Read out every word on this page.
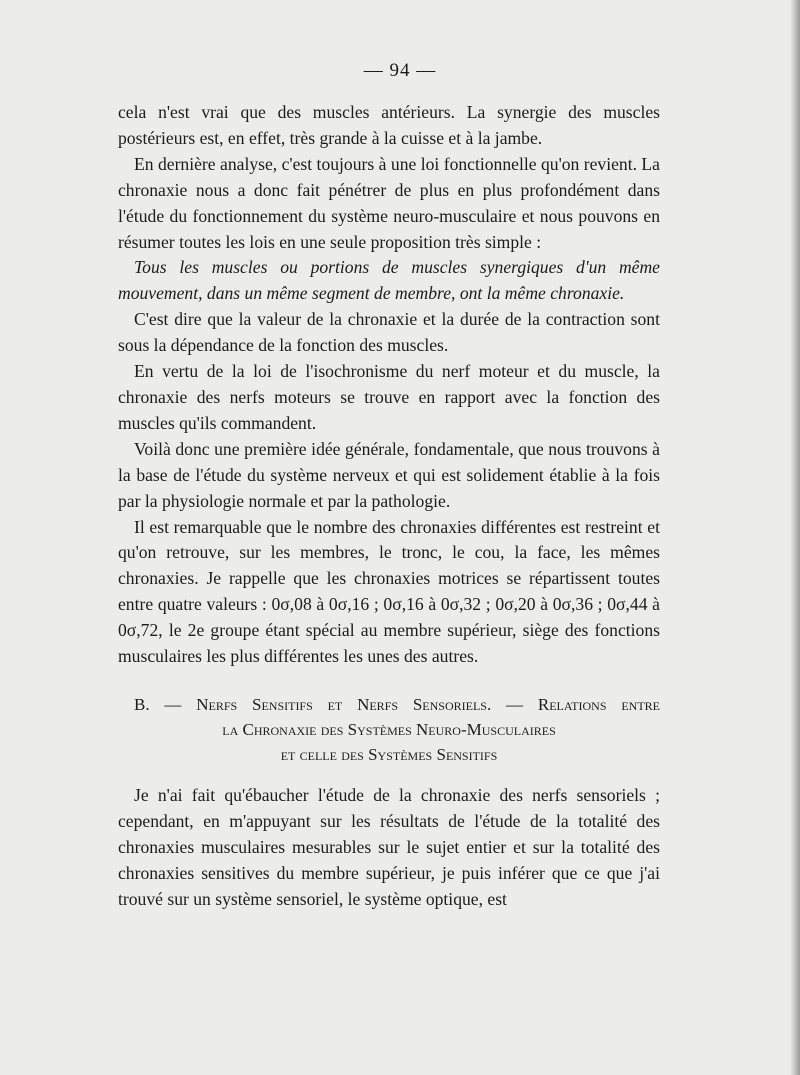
— 94 —

cela n'est vrai que des muscles antérieurs. La synergie des muscles postérieurs est, en effet, très grande à la cuisse et à la jambe.

En dernière analyse, c'est toujours à une loi fonctionnelle qu'on revient. La chronaxie nous a donc fait pénétrer de plus en plus profondément dans l'étude du fonctionnement du système neuro-musculaire et nous pouvons en résumer toutes les lois en une seule proposition très simple :

Tous les muscles ou portions de muscles synergiques d'un même mouvement, dans un même segment de membre, ont la même chronaxie.

C'est dire que la valeur de la chronaxie et la durée de la contraction sont sous la dépendance de la fonction des muscles.

En vertu de la loi de l'isochronisme du nerf moteur et du muscle, la chronaxie des nerfs moteurs se trouve en rapport avec la fonction des muscles qu'ils commandent.

Voilà donc une première idée générale, fondamentale, que nous trouvons à la base de l'étude du système nerveux et qui est solidement établie à la fois par la physiologie normale et par la pathologie.

Il est remarquable que le nombre des chronaxies différentes est restreint et qu'on retrouve, sur les membres, le tronc, le cou, la face, les mêmes chronaxies. Je rappelle que les chronaxies motrices se répartissent toutes entre quatre valeurs : 0σ,08 à 0σ,16 ; 0σ,16 à 0σ,32 ; 0σ,20 à 0σ,36 ; 0σ,44 à 0σ,72, le 2e groupe étant spécial au membre supérieur, siège des fonctions musculaires les plus différentes les unes des autres.

B. — Nerfs Sensitifs et Nerfs Sensoriels. — Relations entre
la Chronaxie des Systèmes Neuro-Musculaires
et celle des Systèmes Sensitifs

Je n'ai fait qu'ébaucher l'étude de la chronaxie des nerfs sensoriels ; cependant, en m'appuyant sur les résultats de l'étude de la totalité des chronaxies musculaires mesurables sur le sujet entier et sur la totalité des chronaxies sensitives du membre supérieur, je puis inférer que ce que j'ai trouvé sur un système sensoriel, le système optique, est
